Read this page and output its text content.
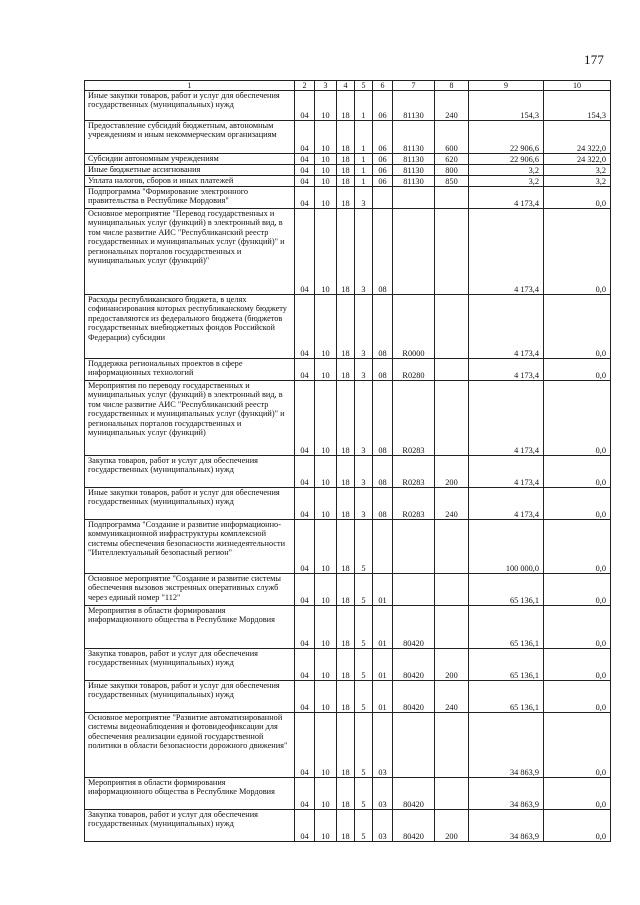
177
1	2	3	4	5	6	7	8	9	10

Иные закупки товаров, работ и услуг для обеспечения государственных (муниципальных) нужд	04	10	18	1	06	81130	240	154,3	154,3

Предоставление субсидий бюджетным, автономным учреждениям и иным некоммерческим организациям	04	10	18	1	06	81130	600	22 906,6	24 322,0

Субсидии автономным учреждениям	04	10	18	1	06	81130	620	22 906,6	24 322,0

Иные бюджетные ассигнования	04	10	18	1	06	81130	800	3,2	3,2

Уплата налогов, сборов и иных платежей	04	10	18	1	06	81130	850	3,2	3,2

Подпрограмма "Формирование электронного правительства в Республике Мордовия"	04	10	18	3				4 173,4	0,0

Основное мероприятие "Перевод государственных и муниципальных услуг (функций) в электронный вид, в том числе развитие АИС "Республиканский реестр государственных и муниципальных услуг (функций)" и региональных порталов государственных и муниципальных услуг (функций)"	04	10	18	3	08			4 173,4	0,0

Расходы республиканского бюджета, в целях софинансирования которых республиканскому бюджету предоставляются из федерального бюджета (бюджетов государственных внебюджетных фондов Российской Федерации) субсидии	04	10	18	3	08	R0000		4 173,4	0,0

Поддержка региональных проектов в сфере информационных технологий	04	10	18	3	08	R0280		4 173,4	0,0

Мероприятия по переводу государственных и муниципальных услуг (функций) в электронный вид, в том числе развитие АИС "Республиканский реестр государственных и муниципальных услуг (функций)" и региональных порталов государственных и муниципальных услуг (функций)	04	10	18	3	08	R0283		4 173,4	0,0

Закупка товаров, работ и услуг для обеспечения государственных (муниципальных) нужд	04	10	18	3	08	R0283	200	4 173,4	0,0

Иные закупки товаров, работ и услуг для обеспечения государственных (муниципальных) нужд	04	10	18	3	08	R0283	240	4 173,4	0,0

Подпрограмма "Создание и развитие информационно-коммуникационной инфраструктуры комплексной системы обеспечения безопасности жизнедеятельности "Интеллектуальный безопасный регион"	04	10	18	5				100 000,0	0,0

Основное мероприятие "Создание и развитие системы обеспечения вызовов экстренных оперативных служб через единый номер "112"	04	10	18	5	01			65 136,1	0,0

Мероприятия в области формирования информационного общества в Республике Мордовия	04	10	18	5	01	80420		65 136,1	0,0

Закупка товаров, работ и услуг для обеспечения государственных (муниципальных) нужд	04	10	18	5	01	80420	200	65 136,1	0,0

Иные закупки товаров, работ и услуг для обеспечения государственных (муниципальных) нужд	04	10	18	5	01	80420	240	65 136,1	0,0

Основное мероприятие "Развитие автоматизированной системы видеонаблюдения и фотовидеофиксации для обеспечения реализации единой государственной политики в области безопасности дорожного движения"	04	10	18	5	03			34 863,9	0,0

Мероприятия в области формирования информационного общества в Республике Мордовия	04	10	18	5	03	80420		34 863,9	0,0

Закупка товаров, работ и услуг для обеспечения государственных (муниципальных) нужд	04	10	18	5	03	80420	200	34 863,9	0,0
